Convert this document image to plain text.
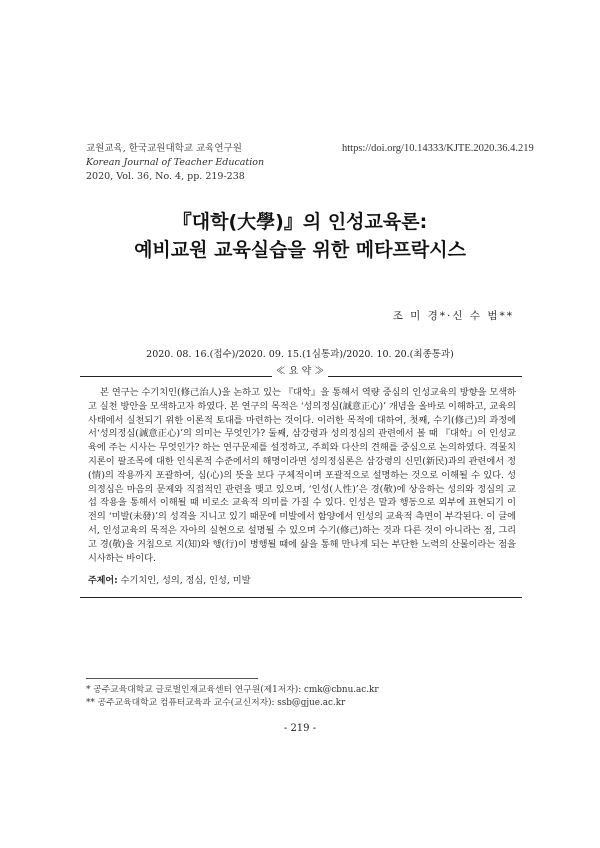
교원교육, 한국교원대학교 교육연구원
Korean Journal of Teacher Education
2020, Vol. 36, No. 4, pp. 219-238
https://doi.org/10.14333/KJTE.2020.36.4.219
『대학(大學)』의 인성교육론:
예비교원 교육실습을 위한 메타프락시스
조 미 경*·신 수 범**
2020. 08. 16.(접수)/2020. 09. 15.(1심통과)/2020. 10. 20.(최종통과)
≪ 요 약 ≫

본 연구는 수기치인(修己治人)을 논하고 있는 『대학』을 통해서 역량 중심의 인성교육의 방향을 모색하고 실천 방안을 모색하고자 하였다. 본 연구의 목적은 ‘성의정심(誠意正心)’ 개념을 올바로 이해하고, 교육의 사태에서 실천되기 위한 이론적 토대를 마련하는 것이다. 이러한 목적에 대하여, 첫째, 수기(修己)의 과정에서‘성의정심(誠意正心)’의 의미는 무엇인가? 둘째, 삼강령과 성의정심의 관련에서 볼 때 『대학』이 인성교육에 주는 시사는 무엇인가? 하는 연구문제를 설정하고, 주희와 다산의 견해를 중심으로 논의하였다. 격물치지론이 팔조목에 대한 인식론적 수준에서의 해명이라면 성의정심론은 삼강령의 신민(新民)과의 관련에서 정(情)의 작용까지 포괄하여, 심(心)의 뜻을 보다 구체적이며 포괄적으로 설명하는 것으로 이해될 수 있다. 성의정심은 마음의 문제와 직접적인 관련을 맺고 있으며, ‘인성(人性)’은 경(敬)에 상응하는 성의와 정심의 교섭 작용을 통해서 이해될 때 비로소 교육적 의미를 가질 수 있다. 인성은 말과 행동으로 외부에 표현되기 이전의 ‘미발(未發)’의 성격을 지니고 있기 때문에 미발에서 함양에서 인성의 교육적 측면이 부각된다. 이 글에서, 인성교육의 목적은 자아의 실현으로 설명될 수 있으며 수기(修己)하는 것과 다른 것이 아니라는 점, 그리고 경(敬)을 거침으로 지(知)와 행(行)이 병행될 때에 삶을 통해 만나게 되는 부단한 노력의 산물이라는 점을 시사하는 바이다.

주제어: 수기치인, 성의, 정심, 인성, 미발
* 공주교육대학교 글로벌인재교육센터 연구원(제1저자): cmk@cbnu.ac.kr
** 공주교육대학교 컴퓨터교육과 교수(교신저자): ssb@gjue.ac.kr
- 219 -
